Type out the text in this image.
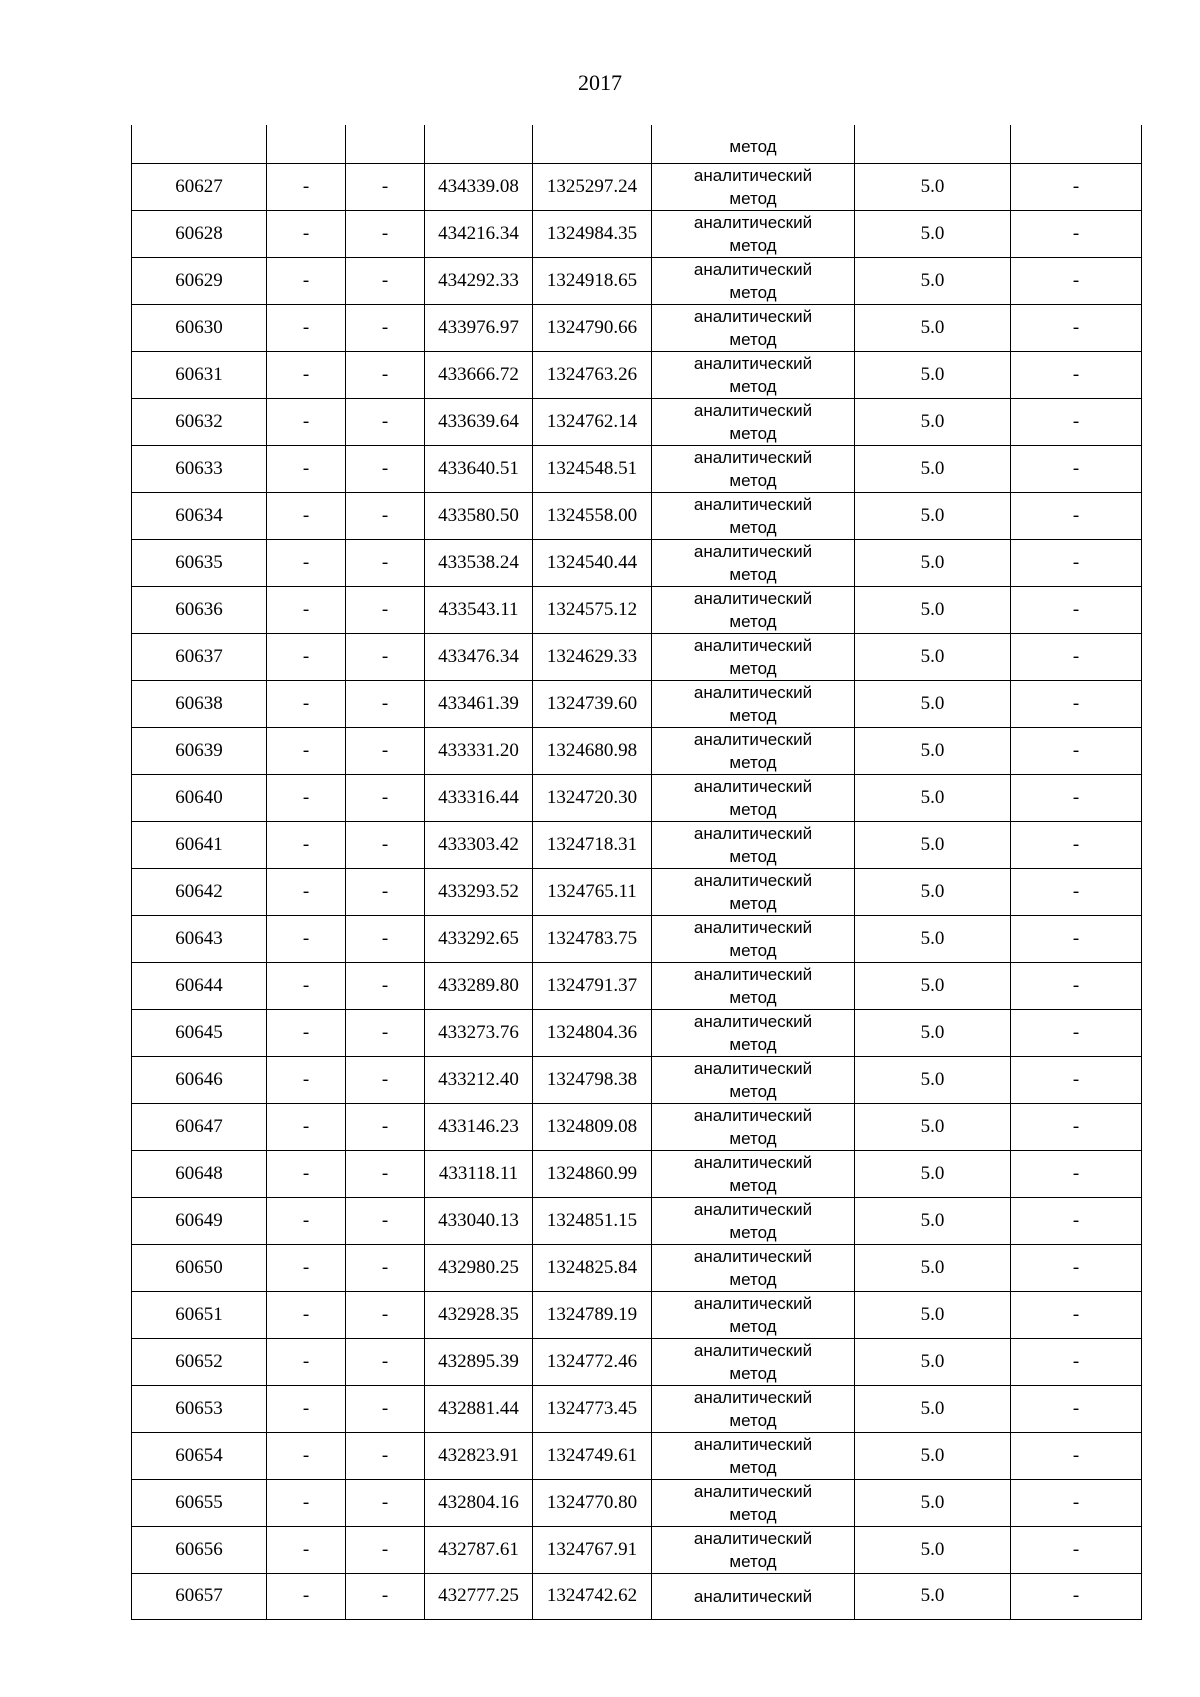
2017

					метод		

60627	-	-	434339.08	1325297.24	аналитический
метод	5.0	-
60628	-	-	434216.34	1324984.35	аналитический
метод	5.0	-
60629	-	-	434292.33	1324918.65	аналитический
метод	5.0	-
60630	-	-	433976.97	1324790.66	аналитический
метод	5.0	-
60631	-	-	433666.72	1324763.26	аналитический
метод	5.0	-
60632	-	-	433639.64	1324762.14	аналитический
метод	5.0	-
60633	-	-	433640.51	1324548.51	аналитический
метод	5.0	-
60634	-	-	433580.50	1324558.00	аналитический
метод	5.0	-
60635	-	-	433538.24	1324540.44	аналитический
метод	5.0	-
60636	-	-	433543.11	1324575.12	аналитический
метод	5.0	-
60637	-	-	433476.34	1324629.33	аналитический
метод	5.0	-
60638	-	-	433461.39	1324739.60	аналитический
метод	5.0	-
60639	-	-	433331.20	1324680.98	аналитический
метод	5.0	-
60640	-	-	433316.44	1324720.30	аналитический
метод	5.0	-
60641	-	-	433303.42	1324718.31	аналитический
метод	5.0	-
60642	-	-	433293.52	1324765.11	аналитический
метод	5.0	-
60643	-	-	433292.65	1324783.75	аналитический
метод	5.0	-
60644	-	-	433289.80	1324791.37	аналитический
метод	5.0	-
60645	-	-	433273.76	1324804.36	аналитический
метод	5.0	-
60646	-	-	433212.40	1324798.38	аналитический
метод	5.0	-
60647	-	-	433146.23	1324809.08	аналитический
метод	5.0	-
60648	-	-	433118.11	1324860.99	аналитический
метод	5.0	-
60649	-	-	433040.13	1324851.15	аналитический
метод	5.0	-
60650	-	-	432980.25	1324825.84	аналитический
метод	5.0	-
60651	-	-	432928.35	1324789.19	аналитический
метод	5.0	-
60652	-	-	432895.39	1324772.46	аналитический
метод	5.0	-
60653	-	-	432881.44	1324773.45	аналитический
метод	5.0	-
60654	-	-	432823.91	1324749.61	аналитический
метод	5.0	-
60655	-	-	432804.16	1324770.80	аналитический
метод	5.0	-
60656	-	-	432787.61	1324767.91	аналитический
метод	5.0	-
60657	-	-	432777.25	1324742.62	аналитический	5.0	-
